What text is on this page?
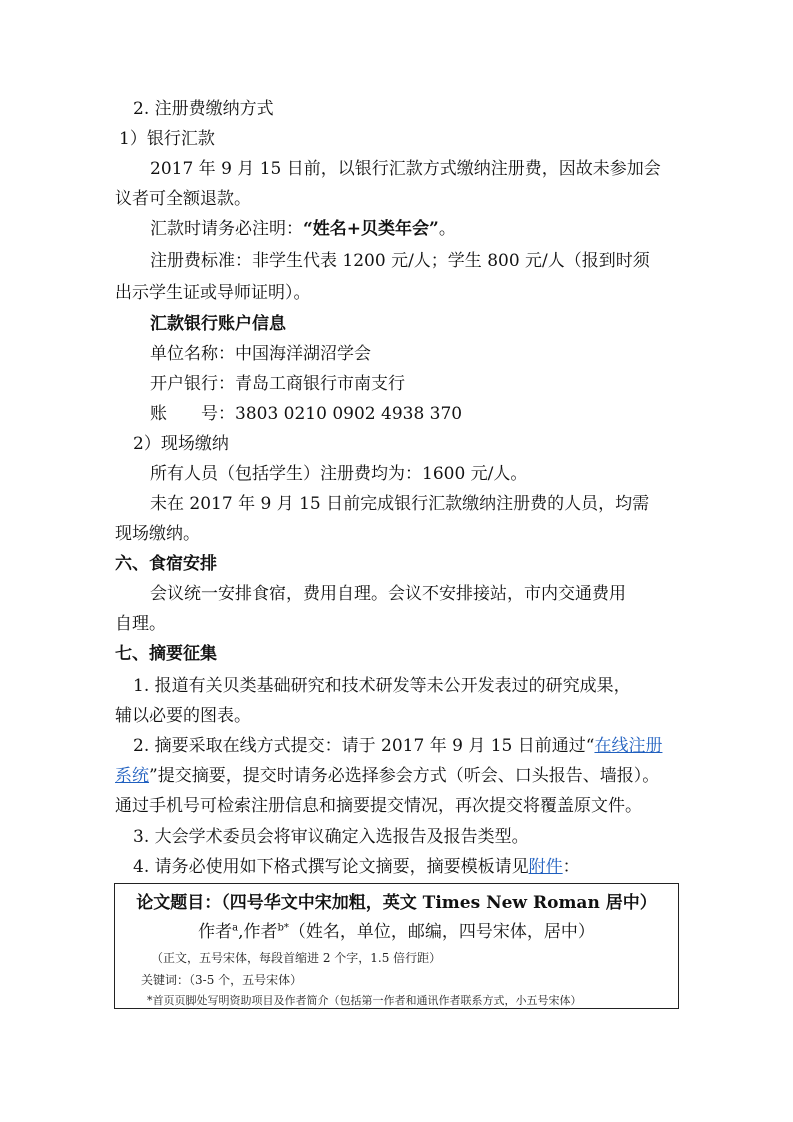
2. 注册费缴纳方式
1）银行汇款
2017 年 9 月 15 日前，以银行汇款方式缴纳注册费，因故未参加会
议者可全额退款。
汇款时请务必注明：“姓名+贝类年会”。
注册费标准：非学生代表 1200 元/人；学生 800 元/人（报到时须
出示学生证或导师证明）。
汇款银行账户信息
单位名称：中国海洋湖沼学会
开户银行：青岛工商银行市南支行
账　　号：3803 0210 0902 4938 370
2）现场缴纳
所有人员（包括学生）注册费均为：1600 元/人。
未在 2017 年 9 月 15 日前完成银行汇款缴纳注册费的人员，均需
现场缴纳。
六、食宿安排
会议统一安排食宿，费用自理。会议不安排接站，市内交通费用
自理。
七、摘要征集
1. 报道有关贝类基础研究和技术研发等未公开发表过的研究成果，
辅以必要的图表。
2. 摘要采取在线方式提交：请于 2017 年 9 月 15 日前通过“在线注册
系统”提交摘要，提交时请务必选择参会方式（听会、口头报告、墙报）。
通过手机号可检索注册信息和摘要提交情况，再次提交将覆盖原文件。
3. 大会学术委员会将审议确定入选报告及报告类型。
4. 请务必使用如下格式撰写论文摘要，摘要模板请见附件：
论文题目：（四号华文中宋加粗，英文 Times New Roman 居中）
作者$^a$,作者$^{b*}$（姓名，单位，邮编，四号宋体，居中）
（正文，五号宋体，每段首缩进 2 个字，1.5 倍行距）
关键词：（3-5 个，五号宋体）
*首页页脚处写明资助项目及作者简介（包括第一作者和通讯作者联系方式，小五号宋体）
